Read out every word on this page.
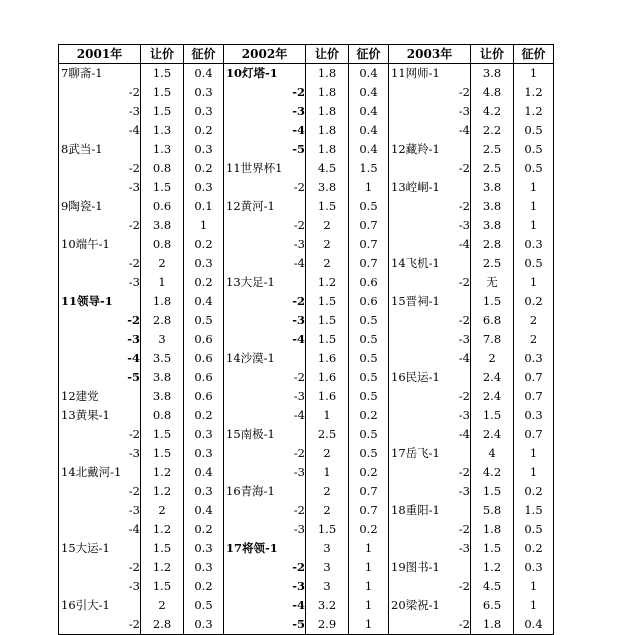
2001年	让价	征价	2002年	让价	征价	2003年	让价	征价
7聊斋-1	1.5	0.4	10灯塔-1	1.8	0.4	11网师-1	3.8	1
-2	1.5	0.3	-2	1.8	0.4	-2	4.8	1.2
-3	1.5	0.3	-3	1.8	0.4	-3	4.2	1.2
-4	1.3	0.2	-4	1.8	0.4	-4	2.2	0.5
8武当-1	1.3	0.3	-5	1.8	0.4	12藏羚-1	2.5	0.5
-2	0.8	0.2	11世界杯1	4.5	1.5	-2	2.5	0.5
-3	1.5	0.3	-2	3.8	1	13崆峒-1	3.8	1
9陶瓷-1	0.6	0.1	12黄河-1	1.5	0.5	-2	3.8	1
-2	3.8	1	-2	2	0.7	-3	3.8	1
10端午-1	0.8	0.2	-3	2	0.7	-4	2.8	0.3
-2	2	0.3	-4	2	0.7	14飞机-1	2.5	0.5
-3	1	0.2	13大足-1	1.2	0.6	-2	无	1
11领导-1	1.8	0.4	-2	1.5	0.6	15晋祠-1	1.5	0.2
-2	2.8	0.5	-3	1.5	0.5	-2	6.8	2
-3	3	0.6	-4	1.5	0.5	-3	7.8	2
-4	3.5	0.6	14沙漠-1	1.6	0.5	-4	2	0.3
-5	3.8	0.6	-2	1.6	0.5	16民运-1	2.4	0.7
12建党	3.8	0.6	-3	1.6	0.5	-2	2.4	0.7
13黄果-1	0.8	0.2	-4	1	0.2	-3	1.5	0.3
-2	1.5	0.3	15南极-1	2.5	0.5	-4	2.4	0.7
-3	1.5	0.3	-2	2	0.5	17岳飞-1	4	1
14北戴河-1	1.2	0.4	-3	1	0.2	-2	4.2	1
-2	1.2	0.3	16青海-1	2	0.7	-3	1.5	0.2
-3	2	0.4	-2	2	0.7	18重阳-1	5.8	1.5
-4	1.2	0.2	-3	1.5	0.2	-2	1.8	0.5
15大运-1	1.5	0.3	17将领-1	3	1	-3	1.5	0.2
-2	1.2	0.3	-2	3	1	19图书-1	1.2	0.3
-3	1.5	0.2	-3	3	1	-2	4.5	1
16引大-1	2	0.5	-4	3.2	1	20梁祝-1	6.5	1
-2	2.8	0.3	-5	2.9	1	-2	1.8	0.4
